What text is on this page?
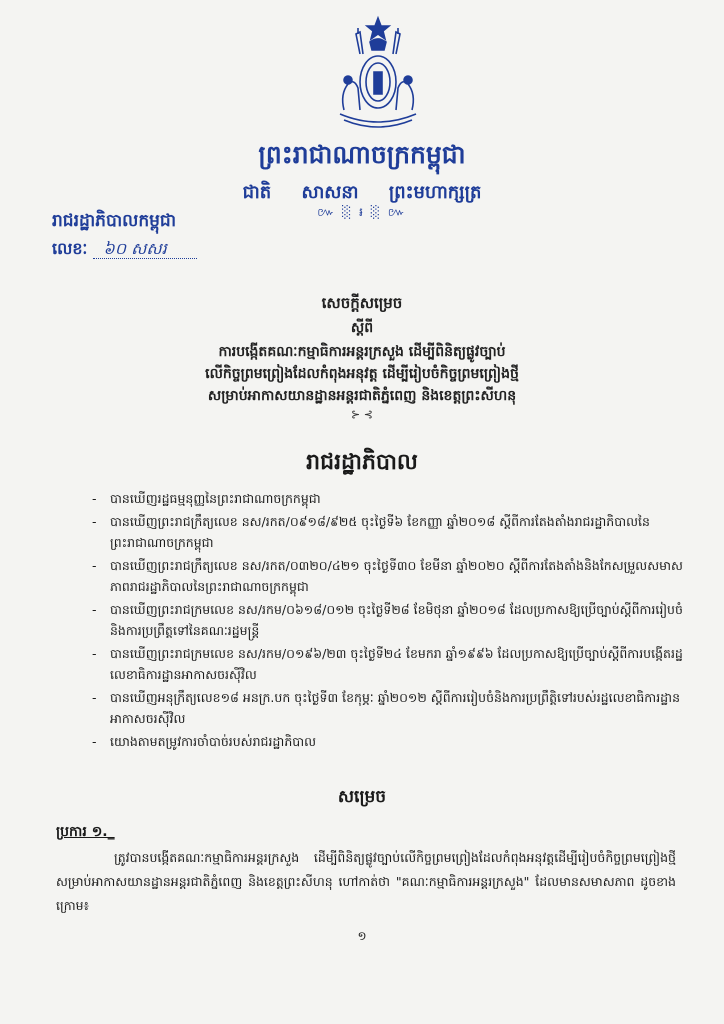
ព្រះរាជាណាចក្រកម្ពុជា
ជាតិ សាសនា ព្រះមហាក្សត្រ
៚ ░ ៛ ░ ៚
រាជរដ្ឋាភិបាលកម្ពុជា
លេខៈ ៦០ សសរ
សេចក្ដីសម្រេច
ស្ដីពី
ការបង្កើតគណៈកម្មាធិការអន្តរក្រសួង ដើម្បីពិនិត្យផ្លូវច្បាប់
លើកិច្ចព្រមព្រៀងដែលកំពុងអនុវត្ត ដើម្បីរៀបចំកិច្ចព្រមព្រៀងថ្មី
សម្រាប់អាកាសយានដ្ឋានអន្តរជាតិភ្នំពេញ និងខេត្តព្រះសីហនុ
⊱ ⊰
រាជរដ្ឋាភិបាល
- បានឃើញរដ្ឋធម្មនុញ្ញនៃព្រះរាជាណាចក្រកម្ពុជា
- បានឃើញព្រះរាជក្រឹត្យលេខ នស/រកត/០៩១៨/៩២៥ ចុះថ្ងៃទី៦ ខែកញ្ញា ឆ្នាំ២០១៨ ស្ដីពីការតែងតាំងរាជរដ្ឋាភិបាលនៃព្រះរាជាណាចក្រកម្ពុជា
- បានឃើញព្រះរាជក្រឹត្យលេខ នស/រកត/០៣២០/៤២១ ចុះថ្ងៃទី៣០ ខែមីនា ឆ្នាំ២០២០ ស្ដីពីការតែងតាំងនិងកែសម្រួលសមាសភាពរាជរដ្ឋាភិបាលនៃព្រះរាជាណាចក្រកម្ពុជា
- បានឃើញព្រះរាជក្រមលេខ នស/រកម/០៦១៨/០១២ ចុះថ្ងៃទី២៨ ខែមិថុនា ឆ្នាំ២០១៨ ដែលប្រកាសឱ្យប្រើច្បាប់ស្ដីពីការរៀបចំនិងការប្រព្រឹត្តទៅនៃគណៈរដ្ឋមន្ត្រី
- បានឃើញព្រះរាជក្រមលេខ នស/រកម/០១៩៦/២៣ ចុះថ្ងៃទី២៤ ខែមករា ឆ្នាំ១៩៩៦ ដែលប្រកាសឱ្យប្រើច្បាប់ស្ដីពីការបង្កើតរដ្ឋលេខាធិការដ្ឋានអាកាសចរស៊ីវិល
- បានឃើញអនុក្រឹត្យលេខ១៨ អនក្រ.បក ចុះថ្ងៃទី៣ ខែកុម្ភៈ ឆ្នាំ២០១២ ស្ដីពីការរៀបចំនិងការប្រព្រឹត្តិទៅរបស់រដ្ឋលេខាធិការដ្ឋានអាកាសចរស៊ីវិល
- យោងតាមតម្រូវការចាំបាច់របស់រាជរដ្ឋាភិបាល
សម្រេច
ប្រការ ១._
ត្រូវបានបង្កើតគណៈកម្មាធិការអន្តរក្រសួង ដើម្បីពិនិត្យផ្លូវច្បាប់លើកិច្ចព្រមព្រៀងដែលកំពុងអនុវត្តដើម្បីរៀបចំកិច្ចព្រមព្រៀងថ្មីសម្រាប់អាកាសយានដ្ឋានអន្តរជាតិភ្នំពេញ និងខេត្តព្រះសីហនុ ហៅកាត់ថា "គណៈកម្មាធិការអន្តរក្រសួង" ដែលមានសមាសភាព ដូចខាងក្រោម៖
១
